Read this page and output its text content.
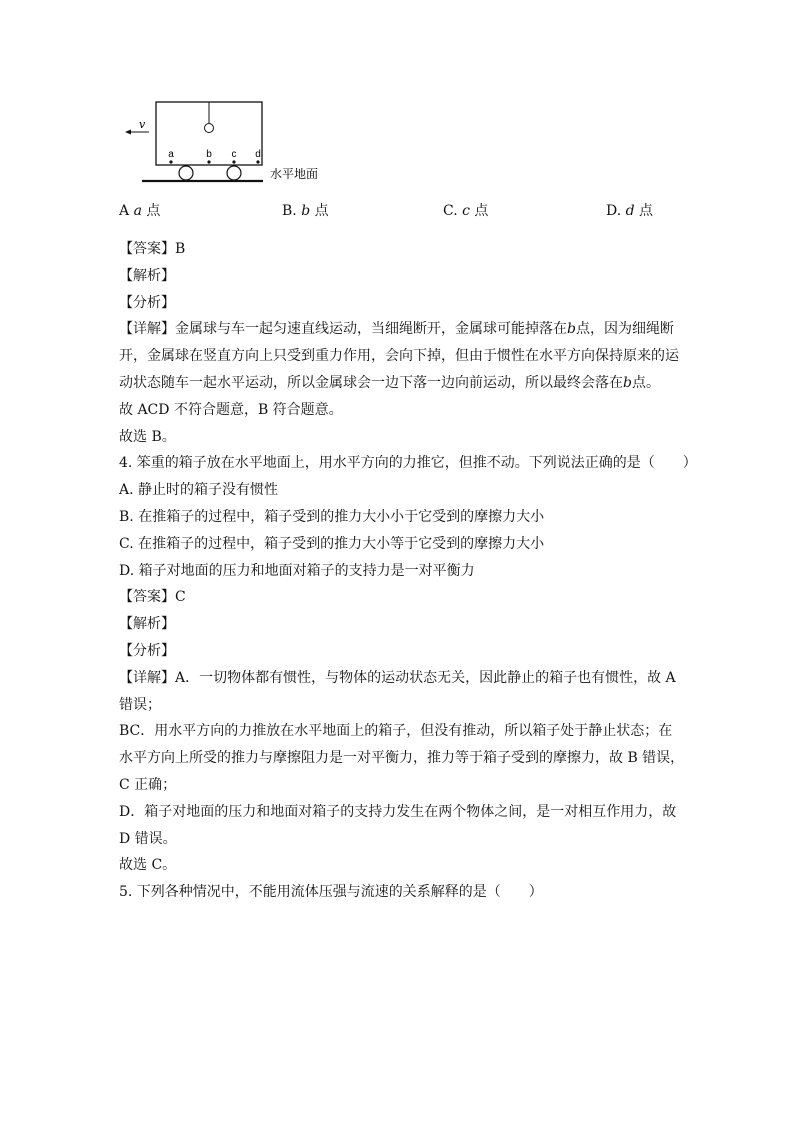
a	b c d
水平地面
v
A a 点	B. b 点	C. c 点	D. d 点
【答案】B
【解析】
【分析】
【详解】金属球与车一起匀速直线运动，当细绳断开，金属球可能掉落在b点，因为细绳断
开，金属球在竖直方向上只受到重力作用，会向下掉，但由于惯性在水平方向保持原来的运
动状态随车一起水平运动，所以金属球会一边下落一边向前运动，所以最终会落在b点。
故 ACD 不符合题意，B 符合题意。
故选 B。
4. 笨重的箱子放在水平地面上，用水平方向的力推它，但推不动。下列说法正确的是（　　）
A. 静止时的箱子没有惯性
B. 在推箱子的过程中，箱子受到的推力大小小于它受到的摩擦力大小
C. 在推箱子的过程中，箱子受到的推力大小等于它受到的摩擦力大小
D. 箱子对地面的压力和地面对箱子的支持力是一对平衡力
【答案】C
【解析】
【分析】
【详解】A．一切物体都有惯性，与物体的运动状态无关，因此静止的箱子也有惯性，故 A
错误；
BC．用水平方向的力推放在水平地面上的箱子，但没有推动，所以箱子处于静止状态；在
水平方向上所受的推力与摩擦阻力是一对平衡力，推力等于箱子受到的摩擦力，故 B 错误，
C 正确；
D．箱子对地面的压力和地面对箱子的支持力发生在两个物体之间，是一对相互作用力，故
D 错误。
故选 C。
5. 下列各种情况中，不能用流体压强与流速的关系解释的是（　　）
